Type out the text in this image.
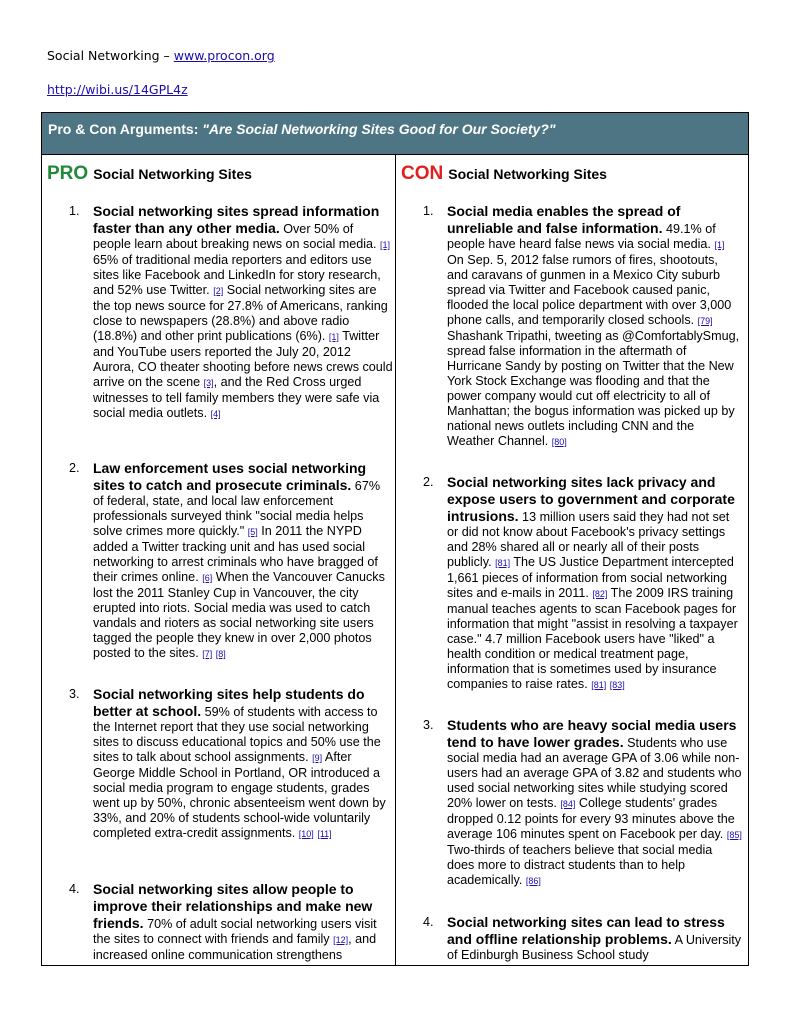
Social Networking – www.procon.org
http://wibi.us/14GPL4z
Pro & Con Arguments: "Are Social Networking Sites Good for Our Society?"
PRO Social Networking Sites
1. Social networking sites spread information faster than any other media. Over 50% of people learn about breaking news on social media. [1] 65% of traditional media reporters and editors use sites like Facebook and LinkedIn for story research, and 52% use Twitter. [2] Social networking sites are the top news source for 27.8% of Americans, ranking close to newspapers (28.8%) and above radio (18.8%) and other print publications (6%). [1] Twitter and YouTube users reported the July 20, 2012 Aurora, CO theater shooting before news crews could arrive on the scene [3], and the Red Cross urged witnesses to tell family members they were safe via social media outlets. [4]
2. Law enforcement uses social networking sites to catch and prosecute criminals. 67% of federal, state, and local law enforcement professionals surveyed think "social media helps solve crimes more quickly." [5] In 2011 the NYPD added a Twitter tracking unit and has used social networking to arrest criminals who have bragged of their crimes online. [6] When the Vancouver Canucks lost the 2011 Stanley Cup in Vancouver, the city erupted into riots. Social media was used to catch vandals and rioters as social networking site users tagged the people they knew in over 2,000 photos posted to the sites. [7] [8]
3. Social networking sites help students do better at school. 59% of students with access to the Internet report that they use social networking sites to discuss educational topics and 50% use the sites to talk about school assignments. [9] After George Middle School in Portland, OR introduced a social media program to engage students, grades went up by 50%, chronic absenteeism went down by 33%, and 20% of students school-wide voluntarily completed extra-credit assignments. [10] [11]
4. Social networking sites allow people to improve their relationships and make new friends. 70% of adult social networking users visit the sites to connect with friends and family [12], and increased online communication strengthens
CON Social Networking Sites
1. Social media enables the spread of unreliable and false information. 49.1% of people have heard false news via social media. [1] On Sep. 5, 2012 false rumors of fires, shootouts, and caravans of gunmen in a Mexico City suburb spread via Twitter and Facebook caused panic, flooded the local police department with over 3,000 phone calls, and temporarily closed schools. [79] Shashank Tripathi, tweeting as @ComfortablySmug, spread false information in the aftermath of Hurricane Sandy by posting on Twitter that the New York Stock Exchange was flooding and that the power company would cut off electricity to all of Manhattan; the bogus information was picked up by national news outlets including CNN and the Weather Channel. [80]
2. Social networking sites lack privacy and expose users to government and corporate intrusions. 13 million users said they had not set or did not know about Facebook's privacy settings and 28% shared all or nearly all of their posts publicly. [81] The US Justice Department intercepted 1,661 pieces of information from social networking sites and e-mails in 2011. [82] The 2009 IRS training manual teaches agents to scan Facebook pages for information that might "assist in resolving a taxpayer case." 4.7 million Facebook users have "liked" a health condition or medical treatment page, information that is sometimes used by insurance companies to raise rates. [81] [83]
3. Students who are heavy social media users tend to have lower grades. Students who use social media had an average GPA of 3.06 while non-users had an average GPA of 3.82 and students who used social networking sites while studying scored 20% lower on tests. [84] College students' grades dropped 0.12 points for every 93 minutes above the average 106 minutes spent on Facebook per day. [85] Two-thirds of teachers believe that social media does more to distract students than to help academically. [86]
4. Social networking sites can lead to stress and offline relationship problems. A University of Edinburgh Business School study
